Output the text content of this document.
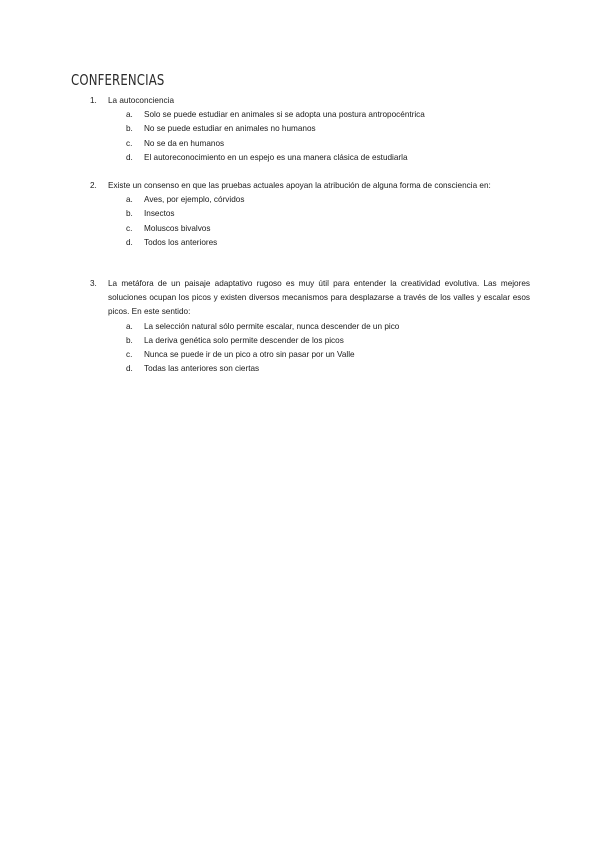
CONFERENCIAS
1.	La autoconciencia
a.	Solo se puede estudiar en animales si se adopta una postura antropocéntrica
b.	No se puede estudiar en animales no humanos
c.	No se da en humanos
d.	El autoreconocimiento en un espejo es una manera clásica de estudiarla
2.	Existe un consenso en que las pruebas actuales apoyan la atribución de alguna forma de consciencia en:
a.	Aves, por ejemplo, córvidos
b.	Insectos
c.	Moluscos bivalvos
d.	Todos los anteriores
3.	La metáfora de un paisaje adaptativo rugoso es muy útil para entender la creatividad evolutiva. Las mejores soluciones ocupan los picos y existen diversos mecanismos para desplazarse a través de los valles y escalar esos picos. En este sentido:
a.	La selección natural sólo permite escalar, nunca descender de un pico
b.	La deriva genética solo permite descender de los picos
c.	Nunca se puede ir de un pico a otro sin pasar por un Valle
d.	Todas las anteriores son ciertas
